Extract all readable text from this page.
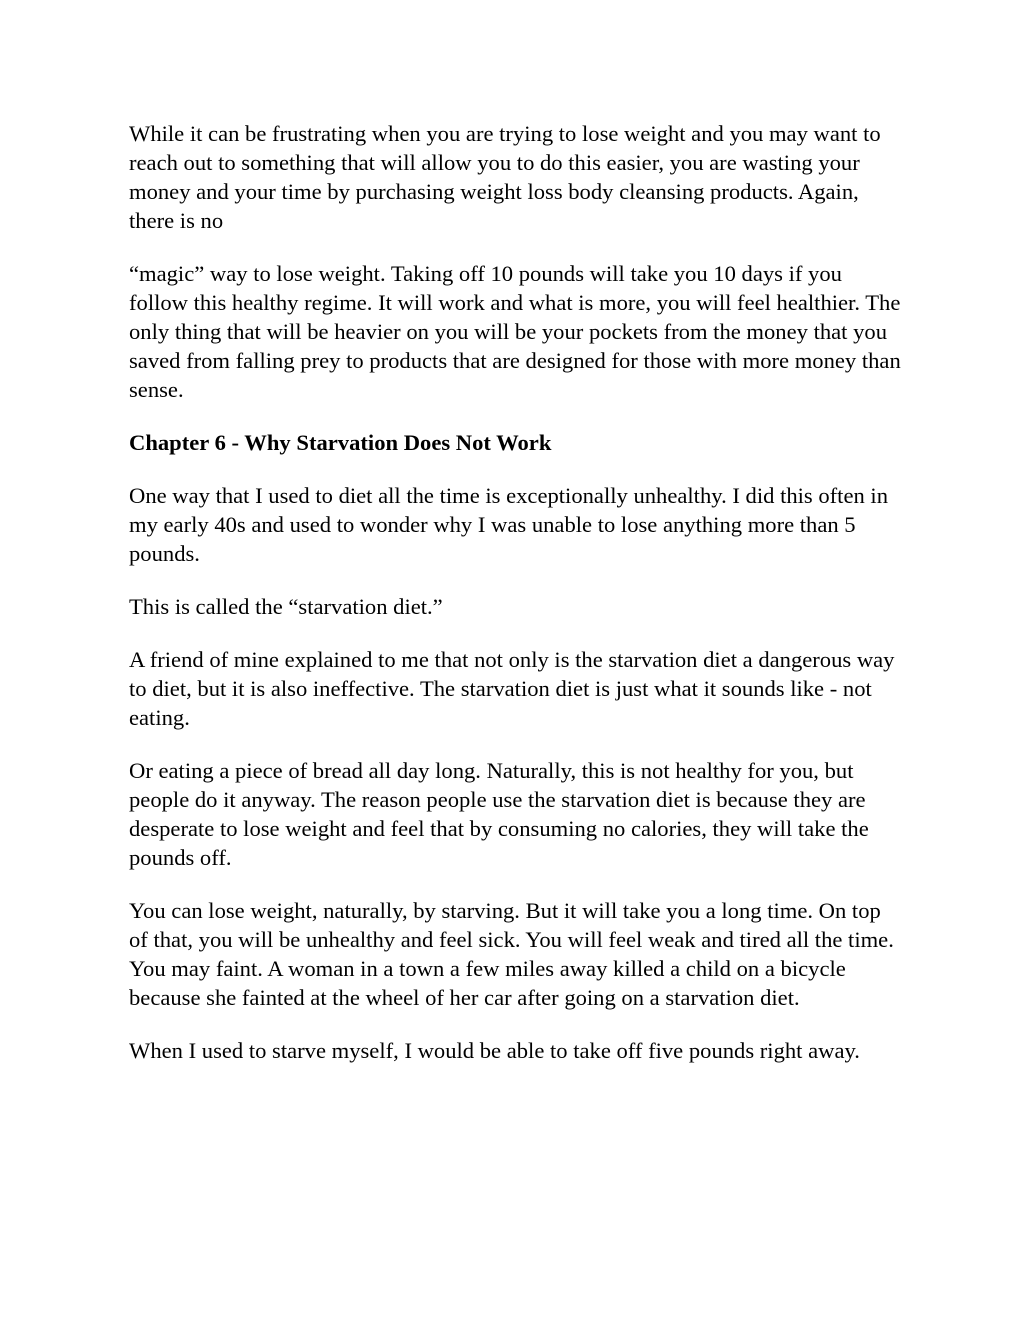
While it can be frustrating when you are trying to lose weight and you may want to reach out to something that will allow you to do this easier, you are wasting your money and your time by purchasing weight loss body cleansing products. Again, there is no

“magic” way to lose weight. Taking off 10 pounds will take you 10 days if you follow this healthy regime. It will work and what is more, you will feel healthier. The only thing that will be heavier on you will be your pockets from the money that you saved from falling prey to products that are designed for those with more money than sense.

Chapter 6 - Why Starvation Does Not Work

One way that I used to diet all the time is exceptionally unhealthy. I did this often in my early 40s and used to wonder why I was unable to lose anything more than 5 pounds.

This is called the “starvation diet.”

A friend of mine explained to me that not only is the starvation diet a dangerous way to diet, but it is also ineffective. The starvation diet is just what it sounds like - not eating.

Or eating a piece of bread all day long. Naturally, this is not healthy for you, but people do it anyway. The reason people use the starvation diet is because they are desperate to lose weight and feel that by consuming no calories, they will take the pounds off.

You can lose weight, naturally, by starving. But it will take you a long time. On top of that, you will be unhealthy and feel sick. You will feel weak and tired all the time. You may faint. A woman in a town a few miles away killed a child on a bicycle because she fainted at the wheel of her car after going on a starvation diet.

When I used to starve myself, I would be able to take off five pounds right away.
